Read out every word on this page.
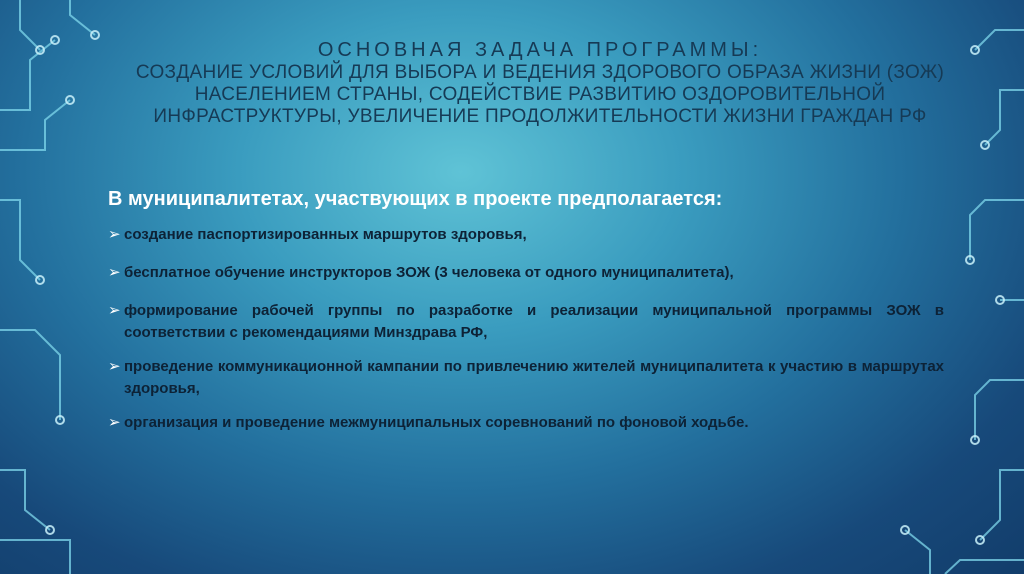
ОСНОВНАЯ ЗАДАЧА ПРОГРАММЫ:
СОЗДАНИЕ УСЛОВИЙ ДЛЯ ВЫБОРА И ВЕДЕНИЯ ЗДОРОВОГО ОБРАЗА ЖИЗНИ (ЗОЖ) НАСЕЛЕНИЕМ СТРАНЫ, СОДЕЙСТВИЕ РАЗВИТИЮ ОЗДОРОВИТЕЛЬНОЙ ИНФРАСТРУКТУРЫ, УВЕЛИЧЕНИЕ ПРОДОЛЖИТЕЛЬНОСТИ ЖИЗНИ ГРАЖДАН РФ

В муниципалитетах, участвующих в проекте предполагается:

➢ создание паспортизированных маршрутов здоровья,
➢ бесплатное обучение инструкторов ЗОЖ (3 человека от одного муниципалитета),
➢ формирование рабочей группы по разработке и реализации муниципальной программы ЗОЖ в соответствии с рекомендациями Минздрава РФ,
➢ проведение коммуникационной кампании по привлечению жителей муниципалитета к участию в маршрутах здоровья,
➢ организация и проведение межмуниципальных соревнований по фоновой ходьбе.
